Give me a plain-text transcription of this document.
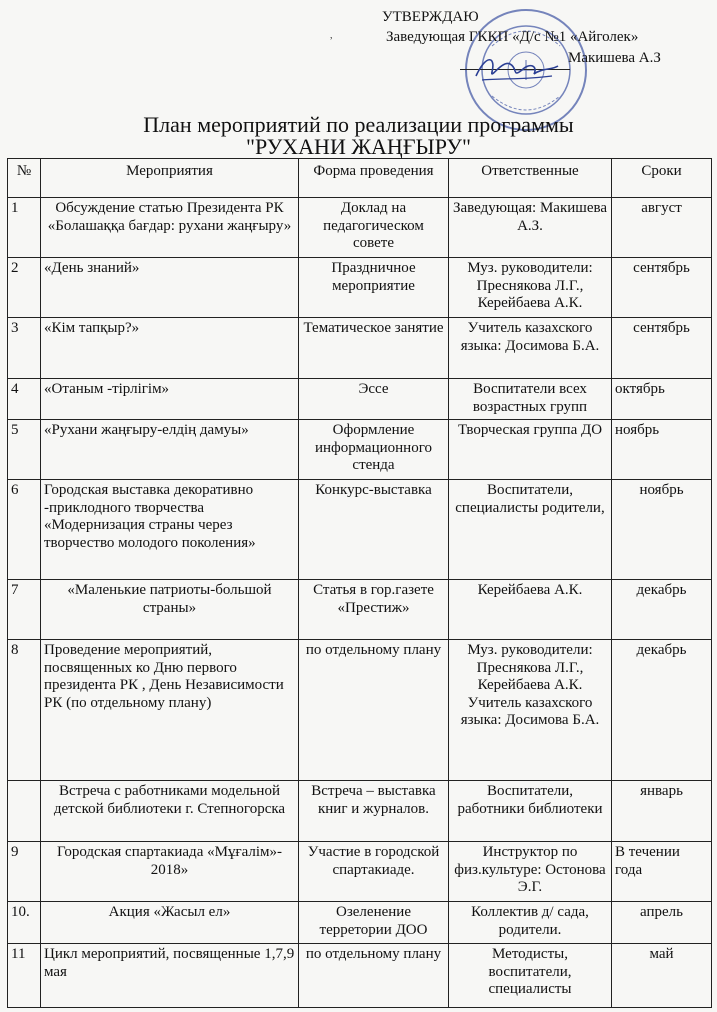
УТВЕРЖДАЮ
Заведующая ГККП «Д/с №1 «Айголек»
Макишева А.З
,
План мероприятий по реализации программы
"РУХАНИ ЖАҢҒЫРУ"
№	Мероприятия	Форма проведения	Ответственные	Сроки
1	Обсуждение статью Президента РК «Болашаққа бағдар: рухани жаңғыру»	Доклад на педагогическом совете	Заведующая: Макишева А.З.	август
2	«День знаний»	Праздничное мероприятие	Муз. руководители: Преснякова Л.Г., Керейбаева А.К.	сентябрь
3	«Кім тапқыр?»	Тематическое занятие	Учитель казахского языка: Досимова Б.А.	сентябрь
4	«Отаным -тірлігім»	Эссе	Воспитатели всех возрастных групп	октябрь
5	«Рухани жаңғыру-елдің дамуы»	Оформление информационного стенда	Творческая группа ДО	ноябрь
6	Городская выставка декоративно -приклодного творчества «Модернизация страны через творчество молодого поколения»	Конкурс-выставка	Воспитатели, специалисты родители,	ноябрь
7	«Маленькие патриоты-большой страны»	Статья в гор.газете «Престиж»	Керейбаева А.К.	декабрь
8	Проведение мероприятий, посвященных ко Дню первого президента РК , День Независимости РК (по отдельному плану)	по отдельному плану	Муз. руководители: Преснякова Л.Г., Керейбаева А.К. Учитель казахского языка: Досимова Б.А.	декабрь
	Встреча с работниками модельной детской библиотеки г. Степногорска	Встреча – выставка книг и журналов.	Воспитатели, работники библиотеки	январь
9	Городская спартакиада «Мұғалім»- 2018»	Участие в городской спартакиаде.	Инструктор по физ.культуре: Остонова Э.Г.	В течении года
10.	Акция «Жасыл ел»	Озеленение терретории ДОО	Коллектив д/ сада, родители.	апрель
11	Цикл мероприятий, посвященные 1,7,9 мая	по отдельному плану	Методисты, воспитатели, специалисты	май
